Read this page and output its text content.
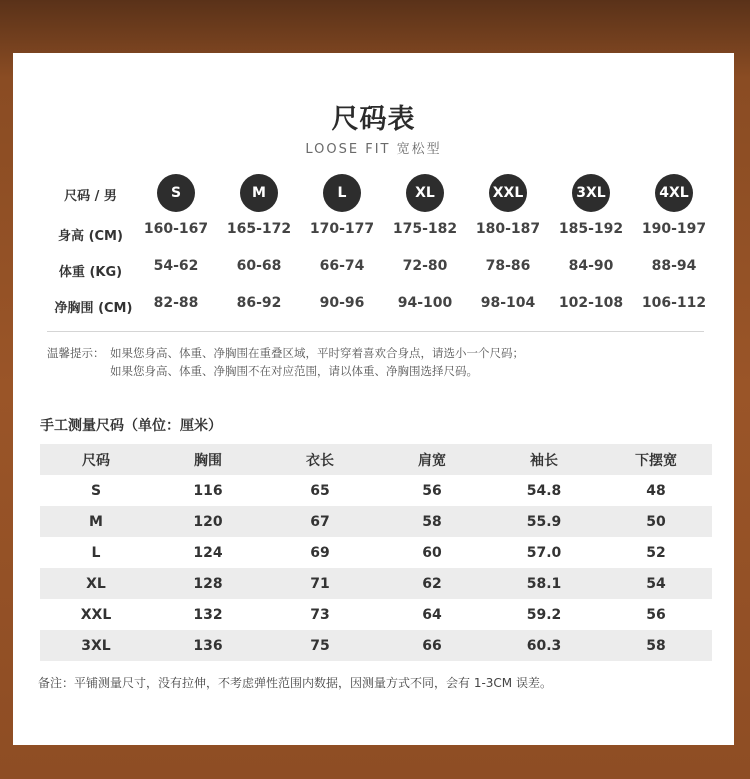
尺码表
LOOSE FIT 宽松型
尺码 / 男	S	M	L	XL	XXL	3XL	4XL
身高 (CM)	160-167	165-172	170-177	175-182	180-187	185-192	190-197
体重 (KG)	54-62	60-68	66-74	72-80	78-86	84-90	88-94
净胸围 (CM)	82-88	86-92	90-96	94-100	98-104	102-108	106-112
温馨提示： 如果您身高、体重、净胸围在重叠区域，平时穿着喜欢合身点，请选小一个尺码；
如果您身高、体重、净胸围不在对应范围，请以体重、净胸围选择尺码。
手工测量尺码（单位：厘米）
尺码	胸围	衣长	肩宽	袖长	下摆宽
S	116	65	56	54.8	48
M	120	67	58	55.9	50
L	124	69	60	57.0	52
XL	128	71	62	58.1	54
XXL	132	73	64	59.2	56
3XL	136	75	66	60.3	58
备注：平铺测量尺寸，没有拉伸，不考虑弹性范围内数据，因测量方式不同，会有 1-3CM 误差。
